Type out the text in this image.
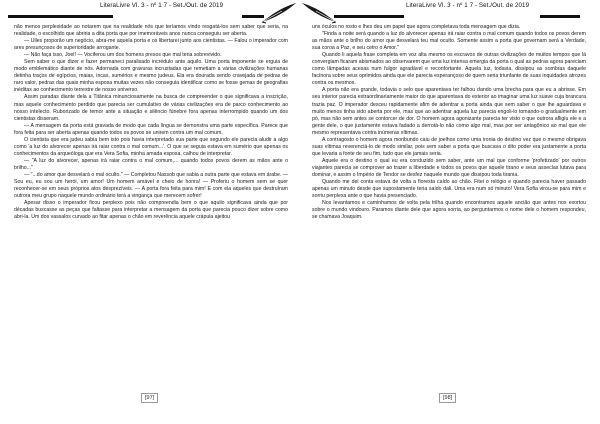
LiteraLivre Vl. 3 - nº 1 7 - Set./Out. de 2019

não menos perplexidade ao notarem que na realidade nós que teríamos vindo resgatá-los sem saber que seria, na realidade, o escolhido que abriria a dita porta que por imemoráveis anos nunca conseguiu ser aberta.

— Ulles proporão um negócio, abra-me aquela porta e os libertarei junto aos cientistas. — Falou o imperador com ares presunçosos de superioridade arrogante.

— Não faça isso, Joel! — Vociferou um dos homens presos que mal teria sobrevivido.

Sem saber o que dizer e fazer permaneci paralisado incrédulo ante aquilo. Uma porta imponente se erguia de modo emblemático diante de nós. Adornada com gravuras incrustadas que remetiam a várias civilizações humanas detinha traços de egípcios, maias, incas, sumérios e mesmo judeus. Ela era dourada sendo cravejada de pedras de raro valor, pedras das quais minha esposa muitas vezes não conseguia identificar como se fosse gemas de geografias inéditas ao conhecimento terrestre de nosso universo.

Assim paradas diante dela a Titânica minunciosamente na busca de compreender o que significava a inscrição, mas aquele conhecimento perdido que parecia ser cumulativo de várias civilizações era de parco conhecimento ao nosso intelecto. Ruborizado de temor ante a situação e silêncio fúnebre fora apenas interrompido quando um dos cientistas disseram.

— A mensagem da porta está gravada de modo que cada língua se demonstra uma parte específica. Parece que fora feita para ser aberta apenas quando todos os povos se unirem contra um mal comum.

O cientista que era judeu sabia bem isto pois havia interpretado sua parte que segundo ele parecia aludir a algo como 'a luz do alvorecer apenas irá raiar contra o mal comum...'. O que se seguia estava em sumério que apenas os conhecimentos da arqueóloga que era Vera Sofia, minha amada esposa, calhou de interpretar.

— "A luz do alvorecer, apenas irá raiar contra o mal comum,... quando todos povos derem as mãos ante o brilho..."

— "...do amor que desvelará o mal oculto." — Completou Nassob que sabia a outra parte que estava em árabe. — Sou eu, eu sou um herói, um amor! Um homem amável e cheio de honra! — Proferiu o homem sem se quer reconhecer-se em seus próprios atos desprezíveis. — A porta fora feita para mim! E com ela aqueles que destruíram outrora meu grupo naquele mundo ordinário terá a vingança que merecem sofrer!

Apesar disso o imperador ficou perplexo pois não compreendia bem o que aquilo significava ainda que por décadas buscasse as peças que faltasse para interpretar a mensagem da porta que parecia pouco dizer sobre como abri-la. Um dos vassalos curvado ao fitar apenas o chão em reverência aquele crápula ajeitou

[97]
LiteraLivre Vl. 3 - nº 1 7 - Set./Out. de 2019

uns óculos no rosto e lhes deu um papel que agora completava toda mensagem que dizia.

"Finda a noite será quando a luz do alvorecer apenas irá raiar contra o mal comum quando todos os povos derem as mãos ante o brilho do amor que desvelará teu mal oculto. Somente assim a porta que governam será a Verdade, sua coroa a Paz, e seu cetro o Amor."

Quando li aquela frase completa em voz alta mesmo os escravos de outras civilizações de muitos tempos que lá convergiam ficaram abismados ao observarem que uma luz intensa emergia da porta o qual as pedras agora pareciam como lâmpadas acesas num fulgor agradável e reconfortante. Aquela luz, todavia, dissipou as sombras daquele facínora sobre seus oprimidos ainda que ele parecia esperançoso de quem seria triunfante de suas inquidades atrozes contra os mesmos.

A porta não era grande, todavia o selo que aparentava ter falhou dando uma brecha para que eu a abrisse. Em seu interior parecia extraordinariamente maior do que aparentava do exterior ao imaginar uma luz suave cuja brancura trazia paz. O imperador desceu rapidamente afim de adentrar a porta ainda que sem saber o que lhe aguardava e muito menos tinha sido aberta por ele, mas que ao adentrar aquela luz parecia engoli-lo tomando-o gradualmente em pó, mas não sem antes se contorcer de dor. O homem agora agonizante parecia ter visto o que outrora afligiu ele e a gente dele, o que justamente estava fadado a derrotá-lo não como algo mal, mas por ser antagônico ao mal que ele mesmo representava contra inúmeras vítimas.

A contragosto o homem agora moribundo caiu de joelhos como uma ironia do destino vez que o mesmo obrigava suas vítimas reverenciá-lo de modo similar, pois sem saber a porta que buscava o dito poder era justamente a porta que levaria a fonte de seu fim, tudo que ele jamais seria.

Aquele era o destino o qual eu era conduzido sem saber, ante um mal que conforme 'profetizado' por outros viajantes parecia se comprover ao trazer a liberdade e todos os povos que aquele tirano e seus asseclas lutava para dominar, e assim o Império de Tendor se desfez naquele mundo que dissipou toda tirania.

Quando me dei conta estava de volta a floresta caído ao chão. Fitei o relógio e quando parecia haver passado apenas um minuto desde que supostamente teria saído dali. Uma era num só minuto! Vera Sofia virou-se para mim e sorriu perplexa ante o que havia presenciado.

Nos levantamos e caminhamos de volta pela trilha quando encontramos aquele ancião que antes nos exortou sobre o mundo vindouro. Paramos diante dele que agora sorria, ao perguntarmos o nome dele o homem respondeu, se chamava Joaquim.

[98]
